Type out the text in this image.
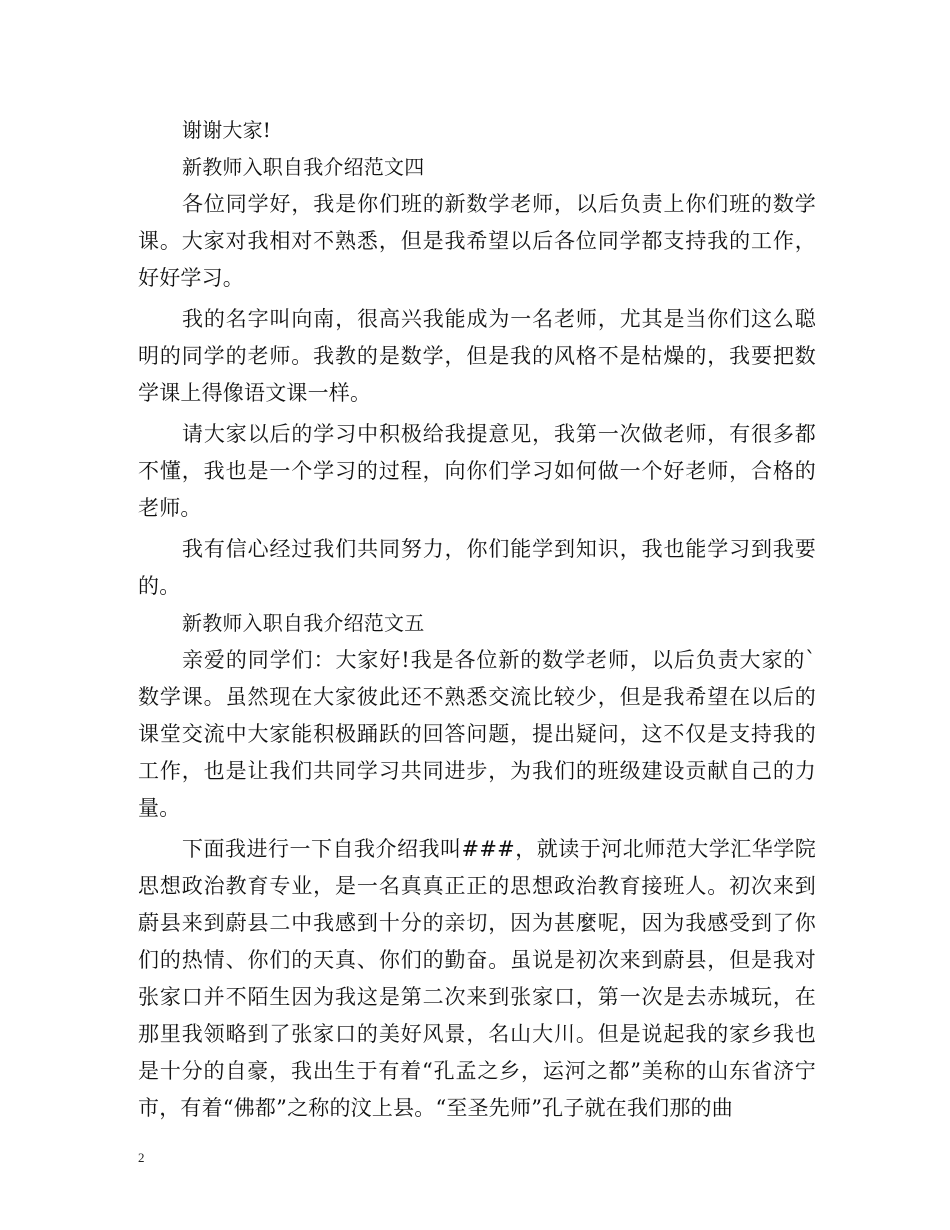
谢谢大家!

新教师入职自我介绍范文四

各位同学好，我是你们班的新数学老师，以后负责上你们班的数学课。大家对我相对不熟悉，但是我希望以后各位同学都支持我的工作，好好学习。

我的名字叫向南，很高兴我能成为一名老师，尤其是当你们这么聪明的同学的老师。我教的是数学，但是我的风格不是枯燥的，我要把数学课上得像语文课一样。

请大家以后的学习中积极给我提意见，我第一次做老师，有很多都不懂，我也是一个学习的过程，向你们学习如何做一个好老师，合格的老师。

我有信心经过我们共同努力，你们能学到知识，我也能学习到我要的。

新教师入职自我介绍范文五

亲爱的同学们：大家好!我是各位新的数学老师，以后负责大家的`数学课。虽然现在大家彼此还不熟悉交流比较少，但是我希望在以后的课堂交流中大家能积极踊跃的回答问题，提出疑问，这不仅是支持我的工作，也是让我们共同学习共同进步，为我们的班级建设贡献自己的力量。

下面我进行一下自我介绍我叫###，就读于河北师范大学汇华学院思想政治教育专业，是一名真真正正的思想政治教育接班人。初次来到蔚县来到蔚县二中我感到十分的亲切，因为甚麼呢，因为我感受到了你们的热情、你们的天真、你们的勤奋。虽说是初次来到蔚县，但是我对张家口并不陌生因为我这是第二次来到张家口，第一次是去赤城玩，在那里我领略到了张家口的美好风景，名山大川。但是说起我的家乡我也是十分的自豪，我出生于有着“孔孟之乡，运河之都”美称的山东省济宁市，有着“佛都”之称的汶上县。“至圣先师”孔子就在我们那的曲

2
